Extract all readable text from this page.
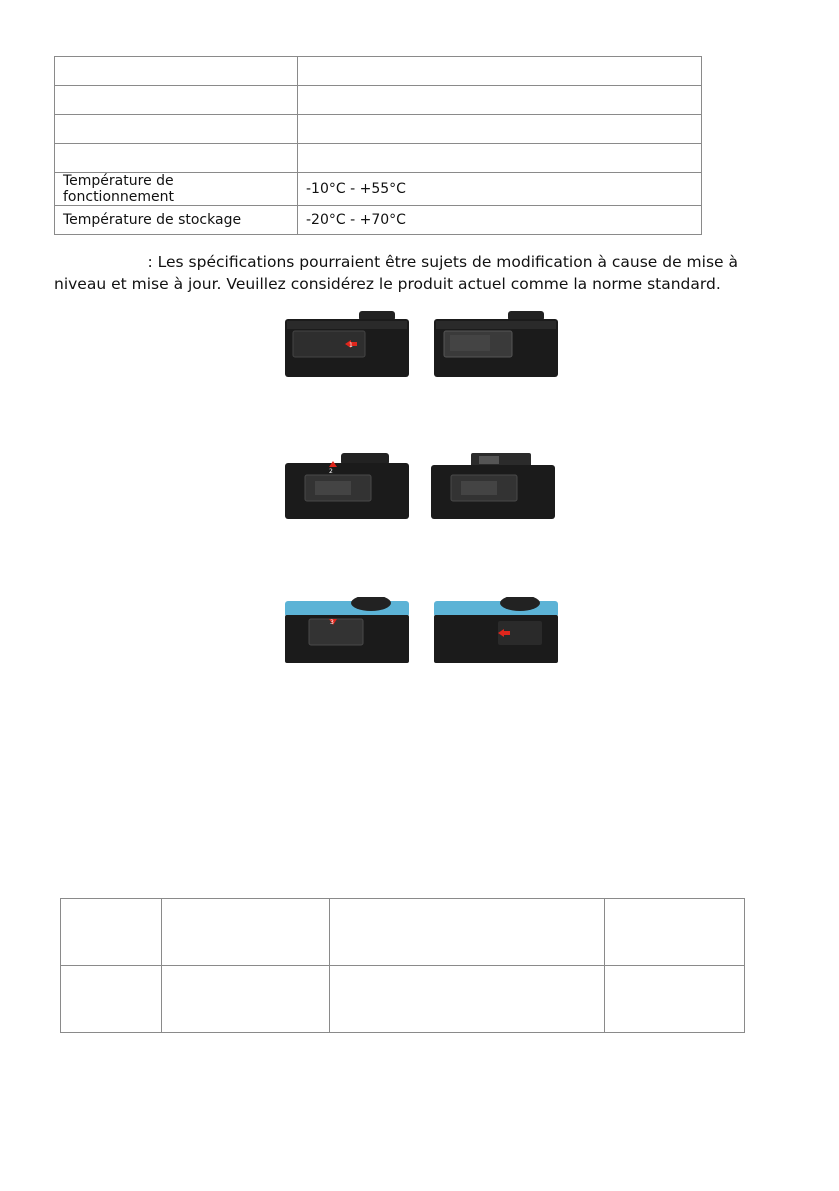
Température de fonctionnement	-10°C - +55°C
Température de stockage	-20°C - +70°C
: Les spécifications pourraient être sujets de modification à cause de mise à
niveau et mise à jour. Veuillez considérez le produit actuel comme la norme standard.
1
2
3
